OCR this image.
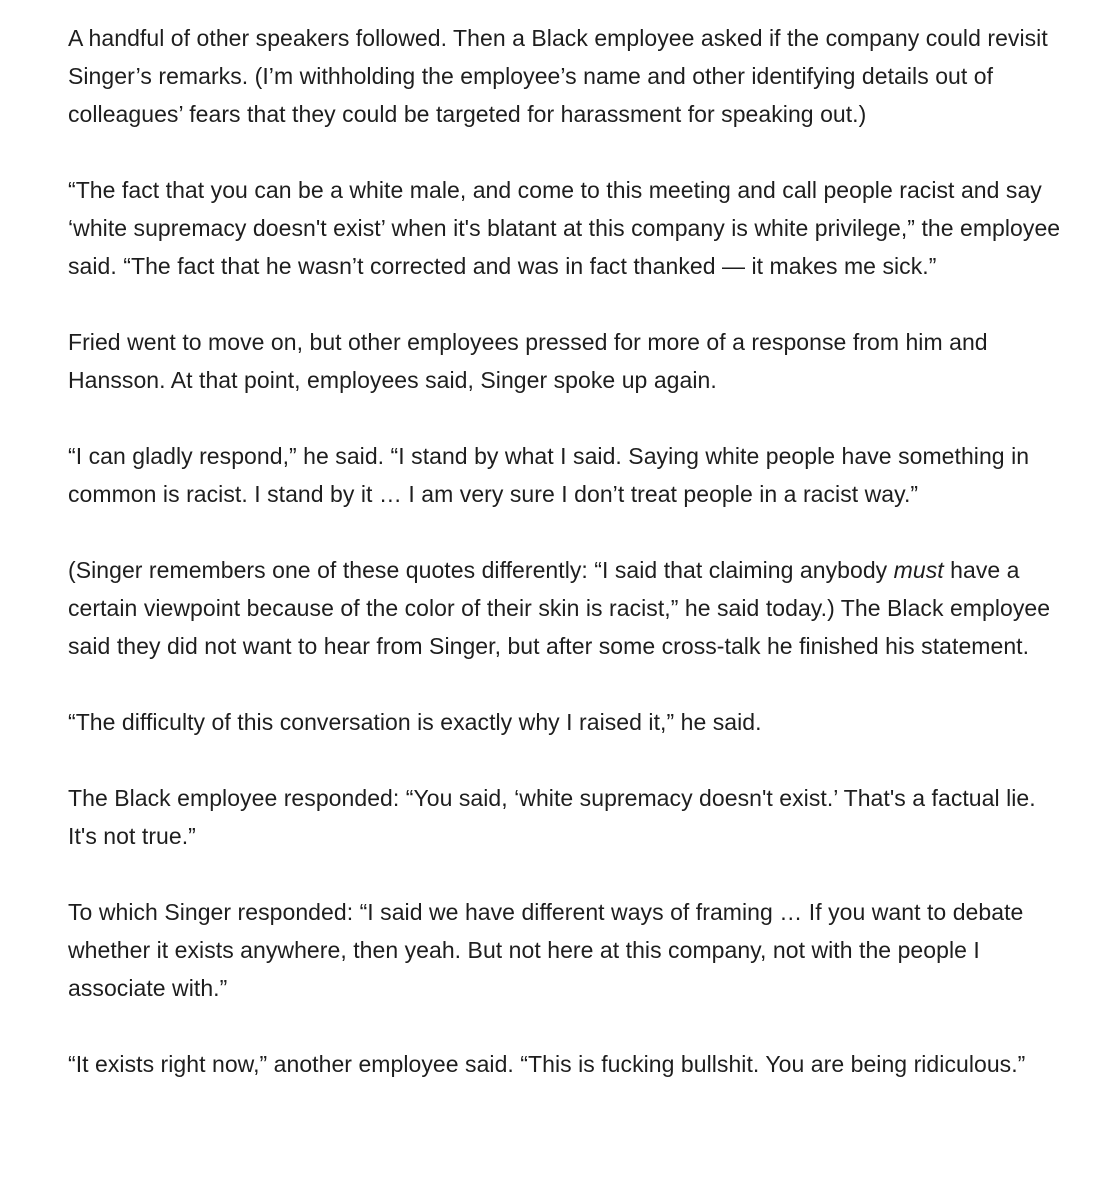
A handful of other speakers followed. Then a Black employee asked if the company could revisit Singer’s remarks. (I’m withholding the employee’s name and other identifying details out of colleagues’ fears that they could be targeted for harassment for speaking out.)

“The fact that you can be a white male, and come to this meeting and call people racist and say ‘white supremacy doesn't exist’ when it's blatant at this company is white privilege,” the employee said. “The fact that he wasn’t corrected and was in fact thanked — it makes me sick.”

Fried went to move on, but other employees pressed for more of a response from him and Hansson. At that point, employees said, Singer spoke up again.

“I can gladly respond,” he said. “I stand by what I said. Saying white people have something in common is racist. I stand by it … I am very sure I don’t treat people in a racist way.”

(Singer remembers one of these quotes differently: “I said that claiming anybody must have a certain viewpoint because of the color of their skin is racist,” he said today.) The Black employee said they did not want to hear from Singer, but after some cross-talk he finished his statement.

“The difficulty of this conversation is exactly why I raised it,” he said.

The Black employee responded: “You said, ‘white supremacy doesn't exist.’ That's a factual lie. It's not true.”

To which Singer responded: “I said we have different ways of framing … If you want to debate whether it exists anywhere, then yeah. But not here at this company, not with the people I associate with.”

“It exists right now,” another employee said. “This is fucking bullshit. You are being ridiculous.”
